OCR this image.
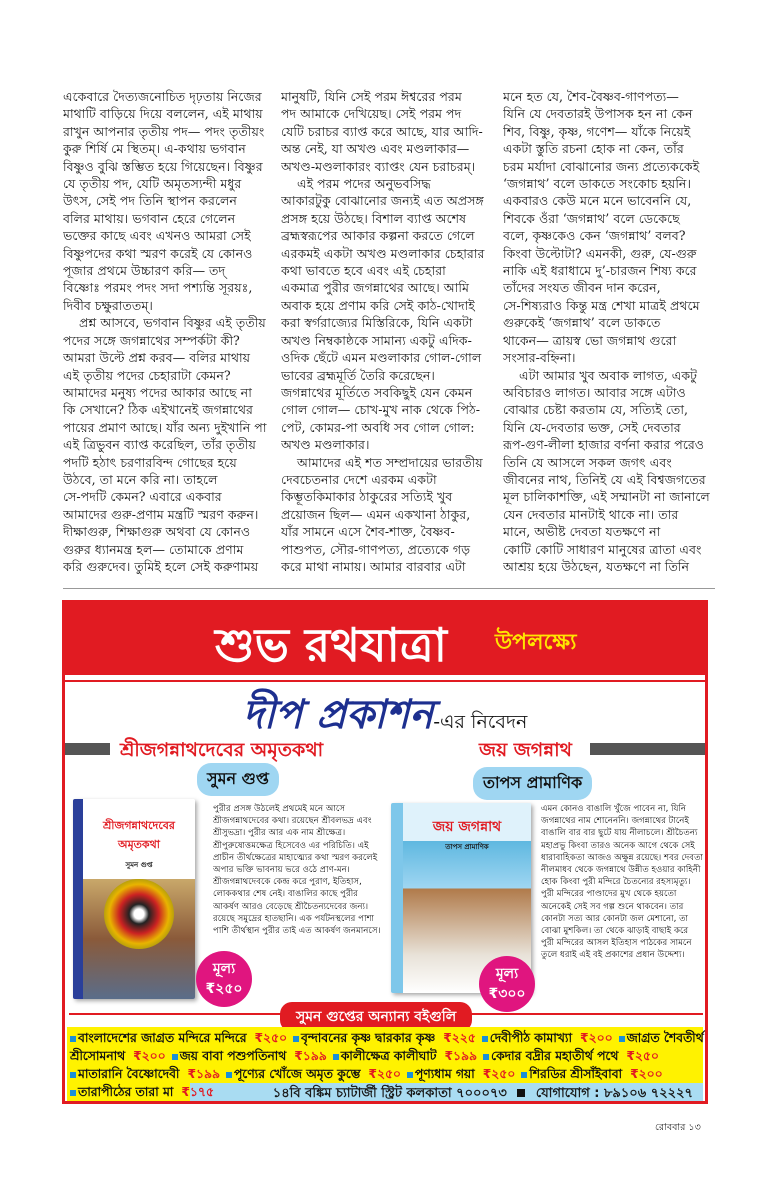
একেবারে দৈত্যজনোচিত দৃঢ়তায় নিজের
মাথাটি বাড়িয়ে দিয়ে বললেন, এই মাথায়
রাখুন আপনার তৃতীয় পদ— পদং তৃতীয়ং
কুরু শির্ষি মে স্থিতম্‌। এ-কথায় ভগবান
বিষ্ণুও বুঝি স্তম্ভিত হয়ে গিয়েছেন। বিষ্ণুর
যে তৃতীয় পদ, যেটি অমৃতস্যন্দী মধুর
উৎস, সেই পদ তিনি স্থাপন করলেন
বলির মাথায়। ভগবান হেরে গেলেন
ভক্তের কাছে এবং এখনও আমরা সেই
বিষ্ণুপদের কথা স্মরণ করেই যে কোনও
পূজার প্রথমে উচ্চারণ করি— তদ্‌
বিষ্ণোঃ পরমং পদং সদা পশ্যন্তি সূরয়ঃ,
দিবীব চক্ষুরাততম্‌।
প্রশ্ন আসবে, ভগবান বিষ্ণুর এই তৃতীয়
পদের সঙ্গে জগন্নাথের সম্পর্কটা কী?
আমরা উল্টে প্রশ্ন করব— বলির মাথায়
এই তৃতীয় পদের চেহারাটা কেমন?
আমাদের মনুষ্য পদের আকার আছে না
কি সেখানে? ঠিক এইখানেই জগন্নাথের
পায়ের প্রমাণ আছে। যাঁর অন্য দুইখানি পা
এই ত্রিভুবন ব্যাপ্ত করেছিল, তাঁর তৃতীয়
পদটি হঠাৎ চরণারবিন্দ গোছের হয়ে
উঠবে, তা মনে করি না। তাহলে
সে-পদটি কেমন? এবারে একবার
আমাদের গুরু-প্রণাম মন্ত্রটি স্মরণ করুন।
দীক্ষাগুরু, শিক্ষাগুরু অথবা যে কোনও
গুরুর ধ্যানমন্ত্র হল— তোমাকে প্রণাম
করি গুরুদেব। তুমিই হলে সেই করুণাময়
মানুষটি, যিনি সেই পরম ঈশ্বরের পরম
পদ আমাকে দেখিয়েছ। সেই পরম পদ
যেটি চরাচর ব্যাপ্ত করে আছে, যার আদি-
অন্ত নেই, যা অখণ্ড এবং মণ্ডলাকার—
অখণ্ড-মণ্ডলাকারং ব্যাপ্তং যেন চরাচরম্‌।
এই পরম পদের অনুভবসিদ্ধ
আকারটুকু বোঝানোর জন্যই এত অপ্রসঙ্গ
প্রসঙ্গ হয়ে উঠছে। বিশাল ব্যাপ্ত অশেষ
ব্রহ্মস্বরূপের আকার কল্পনা করতে গেলে
এরকমই একটা অখণ্ড মণ্ডলাকার চেহারার
কথা ভাবতে হবে এবং এই চেহারা
একমাত্র পুরীর জগন্নাথের আছে। আমি
অবাক হয়ে প্রণাম করি সেই কাঠ-খোদাই
করা স্বর্গরাজ্যের মিস্তিরিকে, যিনি একটা
অখণ্ড নিম্বকাষ্ঠকে সামান্য একটু এদিক-
ওদিক ছেঁটে এমন মণ্ডলাকার গোল-গোল
ভাবের ব্রহ্মমূর্তি তৈরি করেছেন।
জগন্নাথের মূর্তিতে সবকিছুই যেন কেমন
গোল গোল— চোখ-মুখ নাক থেকে পিঠ-
পেট, কোমর-পা অবধি সব গোল গোল:
অখণ্ড মণ্ডলাকার।
আমাদের এই শত সম্প্রদায়ের ভারতীয়
দেবচেতনার দেশে এরকম একটা
কিম্ভূতকিমাকার ঠাকুরের সত্যিই খুব
প্রয়োজন ছিল— এমন একখানা ঠাকুর,
যাঁর সামনে এসে শৈব-শাক্ত, বৈষ্ণব-
পাশুপত, সৌর-গাণপত্য, প্রত্যেকে গড়
করে মাথা নামায়। আমার বারবার এটা
মনে হত যে, শৈব-বৈষ্ণব-গাণপত্য—
যিনি যে দেবতারই উপাসক হন না কেন
শিব, বিষ্ণু, কৃষ্ণ, গণেশ— যাঁকে নিয়েই
একটা স্তুতি রচনা হোক না কেন, তাঁর
চরম মর্যাদা বোঝানোর জন্য প্রত্যেককেই
‘জগন্নাথ’ বলে ডাকতে সংকোচ হয়নি।
একবারও কেউ মনে মনে ভাবেননি যে,
শিবকে ওঁরা ‘জগন্নাথ’ বলে ডেকেছে
বলে, কৃষ্ণকেও কেন ‘জগন্নাথ’ বলব?
কিংবা উল্টোটা? এমনকী, গুরু, যে-গুরু
নাকি এই ধরাধামে দু’-চারজন শিষ্য করে
তাঁদের সংযত জীবন দান করেন,
সে-শিষ্যরাও কিন্তু মন্ত্র শেখা মাত্রই প্রথমে
গুরুকেই ‘জগন্নাথ’ বলে ডাকতে
থাকেন— ত্রায়স্ব ভো জগন্নাথ গুরো
সংসার-বহ্নিনা।
এটা আমার খুব অবাক লাগত, একটু
অবিচারও লাগত। আবার সঙ্গে এটাও
বোঝার চেষ্টা করতাম যে, সত্যিই তো,
যিনি যে-দেবতার ভক্ত, সেই দেবতার
রূপ-গুণ-লীলা হাজার বর্ণনা করার পরেও
তিনি যে আসলে সকল জগৎ এবং
জীবনের নাথ, তিনিই যে এই বিশ্বজগতের
মূল চালিকাশক্তি, এই সম্মানটা না জানালে
যেন দেবতার মানটাই থাকে না। তার
মানে, অভীষ্ট দেবতা যতক্ষণে না
কোটি কোটি সাধারণ মানুষের ত্রাতা এবং
আশ্রয় হয়ে উঠছেন, যতক্ষণে না তিনি
শুভ রথযাত্রা উপলক্ষ্যে
দীপ প্রকাশন-এর নিবেদন
শ্রীজগন্নাথদেবের অমৃতকথা	জয় জগন্নাথ
সুমন গুপ্ত	তাপস প্রামাণিক
শ্রীজগন্নাথদেবের অমৃতকথা
সুমন গুপ্ত
মূল্য
₹২৫০
পুরীর প্রসঙ্গ উঠলেই প্রথমেই মনে আসে
শ্রীজগন্নাথদেবের কথা। রয়েছেন শ্রীবলভদ্র এবং
শ্রীসুভদ্রা। পুরীর আর এক নাম শ্রীক্ষেত্র।
শ্রীপুরুষোত্তমক্ষেত্র হিসেবেও এর পরিচিতি। এই
প্রাচীন তীর্থক্ষেত্রের মাহাত্ম্যের কথা স্মরণ করলেই
অপার ভক্তি ভাবনায় ভরে ওঠে প্রাণ-মন।
শ্রীজগন্নাথদেবকে কেন্দ্র করে পুরাণ, ইতিহাস,
লোককথার শেষ নেই। বাঙালির কাছে পুরীর
আকর্ষণ আরও বেড়েছে শ্রীচৈতন্যদেবের জন্য।
রয়েছে সমুদ্রের হাতছানি। এক পর্যটনস্থলের পাশা
পাশি তীর্থস্থান পুরীর তাই এত আকর্ষণ জনমানসে।
জয় জগন্নাথ
তাপস প্রামাণিক
মূল্য
₹৩০০
এমন কোনও বাঙালি খুঁজে পাবেন না, যিনি
জগন্নাথের নাম শোনেননি। জগন্নাথের টানেই
বাঙালি বার বার ছুটে যায় নীলাচলে। শ্রীচৈতন্য
মহাপ্রভু কিংবা তারও অনেক আগে থেকে সেই
ধারাবাহিকতা আজও অক্ষুন্ন রয়েছে। শবর দেবতা
নীলমাধব থেকে জগন্নাথে উন্নীত হওয়ার কাহিনী
হোক কিংবা পুরী মন্দিরে চৈতন্যের রহস্যমৃত্যু।
পুরী মন্দিরের পাণ্ডাদের মুখ থেকে হয়তো
অনেকেই সেই সব গল্প শুনে থাকবেন। তার
কোনটা সত্য আর কোনটা জল মেশানো, তা
বোঝা মুশকিল। তা থেকে ঝাড়াই বাছাই করে
পুরী মন্দিরের আসল ইতিহাস পাঠকের সামনে
তুলে ধরাই এই বই প্রকাশের প্রধান উদ্দেশ্য।
সুমন গুপ্তের অন্যান্য বইগুলি
১৪বি বঙ্কিম চ্যাটার্জী স্ট্রিট কলকাতা ৭০০০৭৩ যোগাযোগ : ৮৯১০৬ ৭২২২৭
বাংলাদেশের জাগ্রত মন্দিরে মন্দিরে ₹২৫০ বৃন্দাবনের কৃষ্ণ দ্বারকার কৃষ্ণ ₹২২৫ দেবীপীঠ কামাখ্যা ₹২০০ জাগ্রত শৈবতীর্থ
শ্রীসোমনাথ ₹২০০ জয় বাবা পশুপতিনাথ ₹১৯৯ কালীক্ষেত্র কালীঘাট ₹১৯৯ কেদার বদ্রীর মহাতীর্থ পথে ₹২৫০
মাতারানি বৈষ্ণোদেবী ₹১৯৯ পূণ্যের খোঁজে অমৃত কুম্ভে ₹২৫০ পূণ্যধাম গয়া ₹২৫০ শিরডির শ্রীসাঁইবাবা ₹২০০
তারাপীঠের তারা মা ₹১৭৫
রোববার ১৩
